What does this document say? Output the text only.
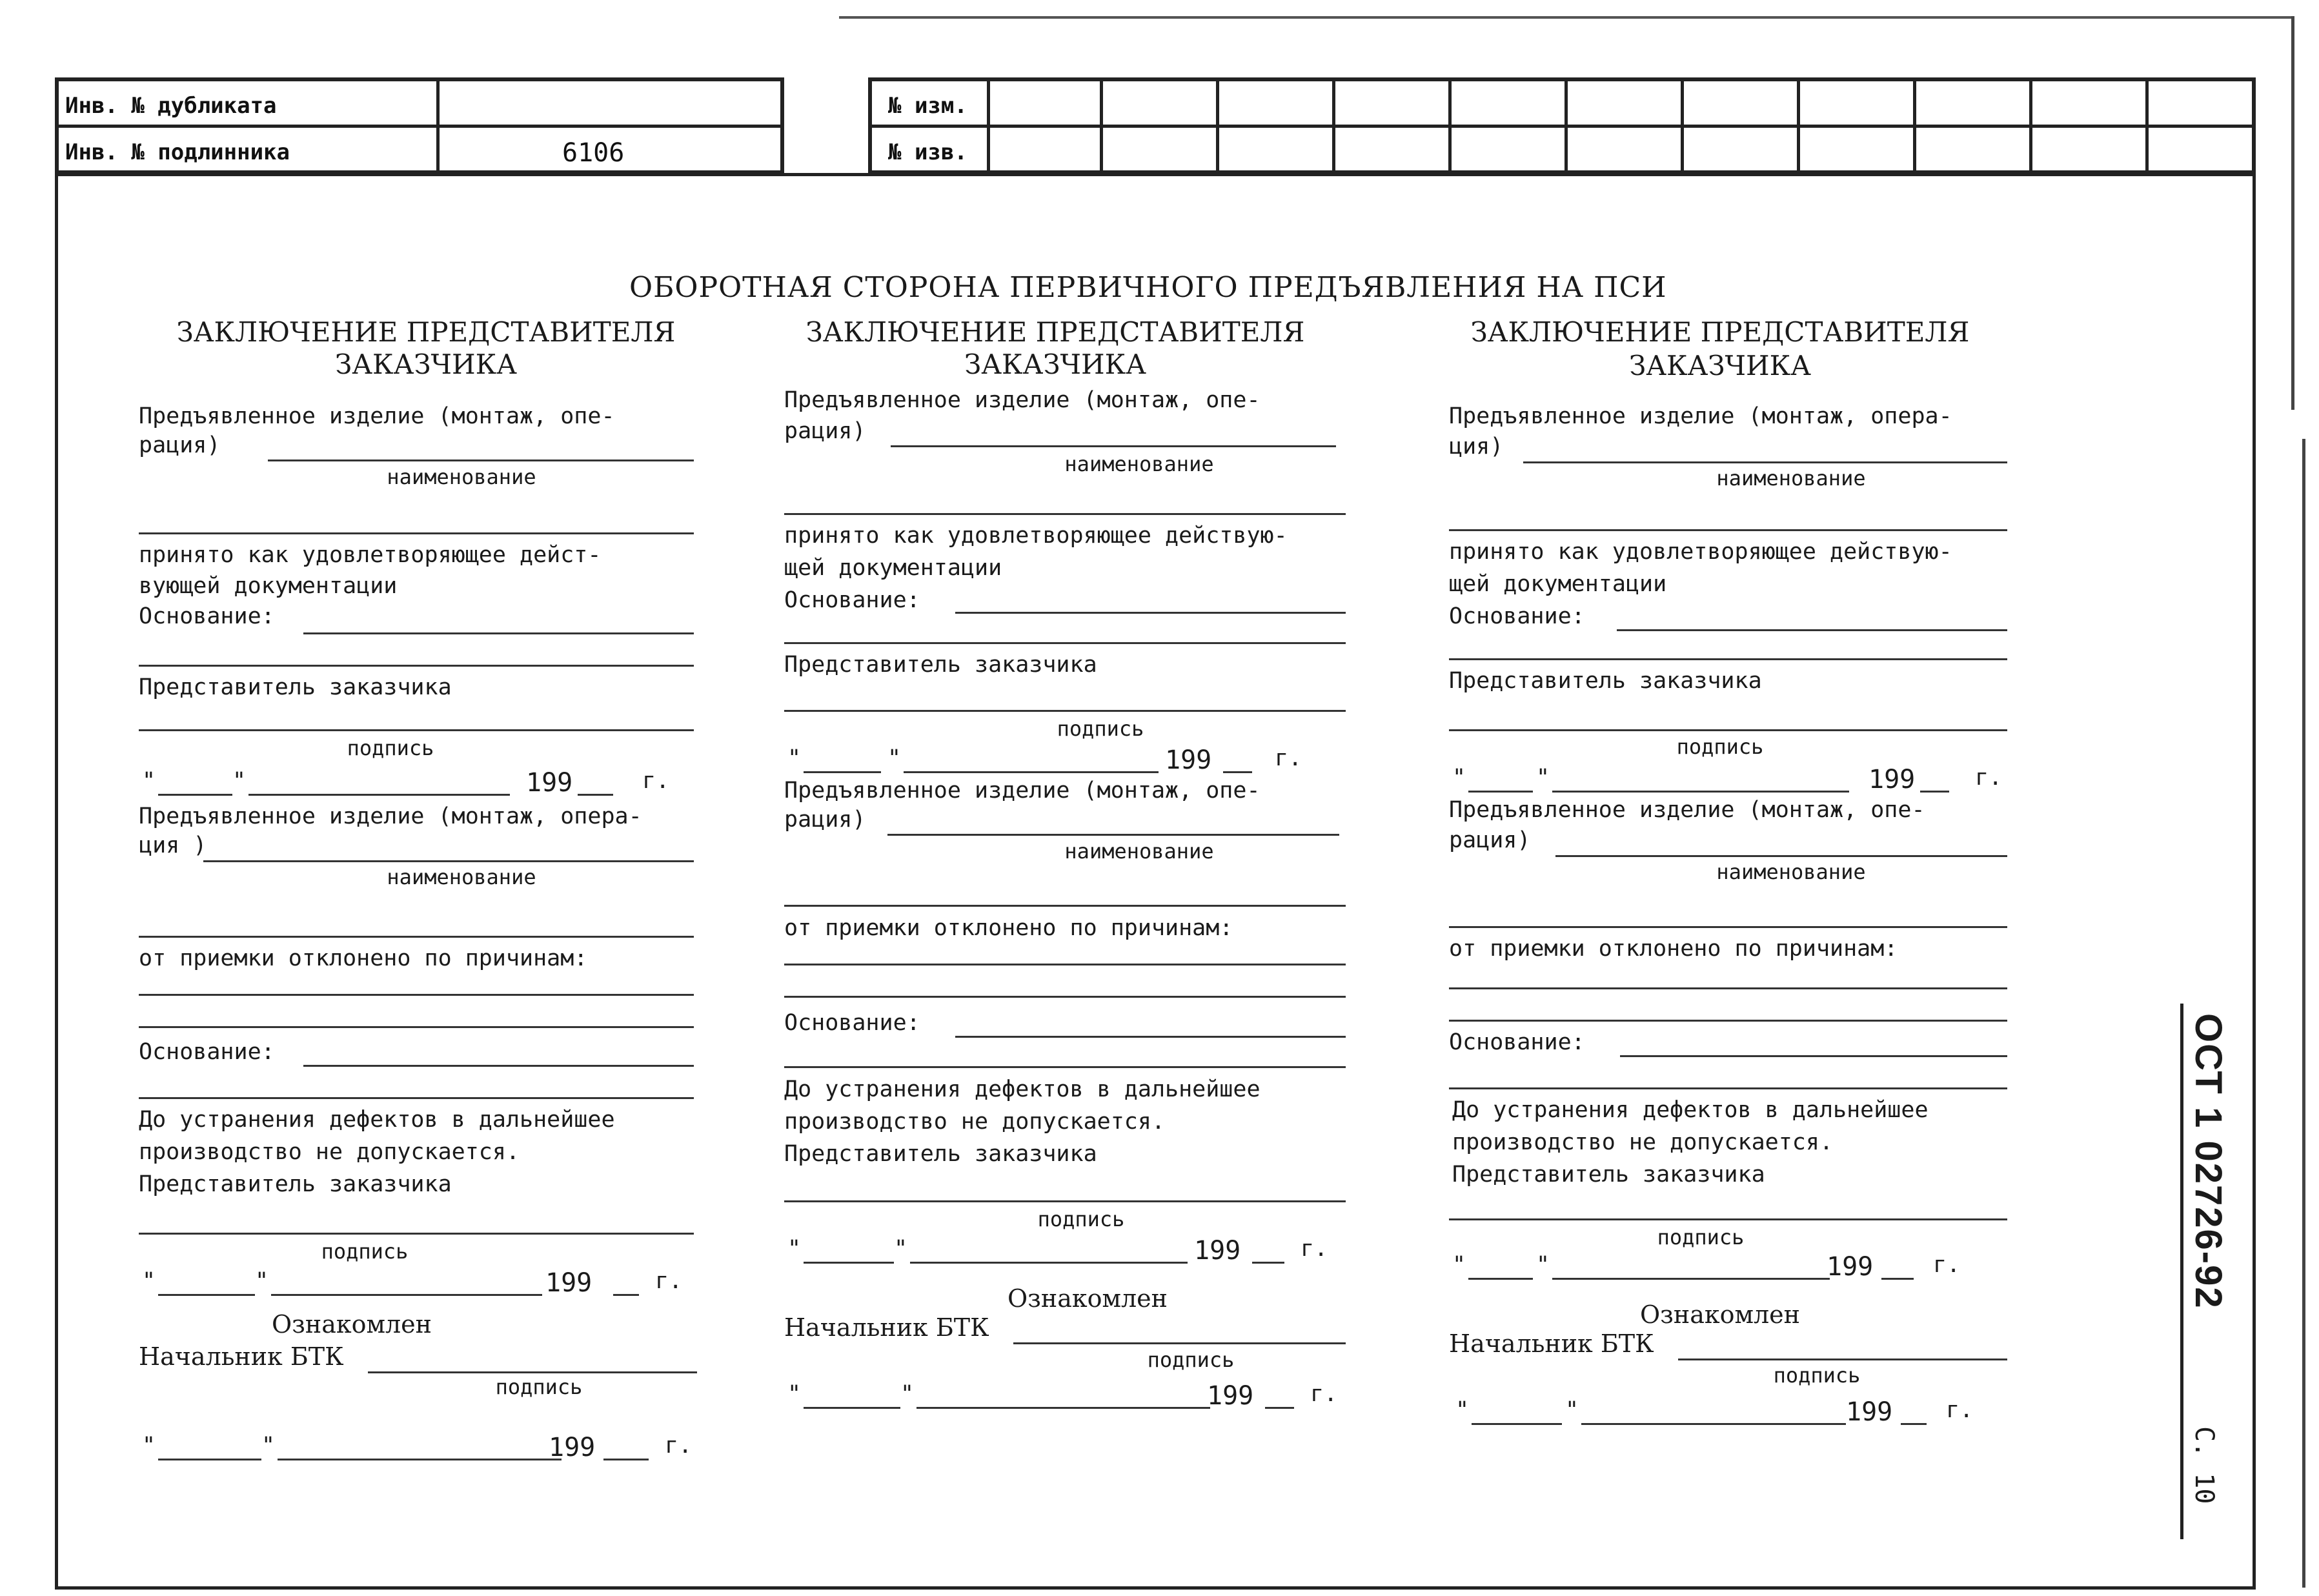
Инв. № дубликата
Инв. № подлинника	6106
№ изм.
№ изв.
ОБОРОТНАЯ СТОРОНА ПЕРВИЧНОГО ПРЕДЪЯВЛЕНИЯ НА ПСИ
ЗАКЛЮЧЕНИЕ ПРЕДСТАВИТЕЛЯ
ЗАКАЗЧИКА
Предъявленное изделие (монтаж, опе-
рация)
наименование
принято как удовлетворяющее дейст-
вующей документации
Основание:
Представитель заказчика
подпись
"	"	199	г.
Предъявленное изделие (монтаж, опера-
ция )
наименование
от приемки отклонено по причинам:
Основание:
До устранения дефектов в дальнейшее
производство не допускается.
Представитель заказчика
подпись
"	"	199	г.
Ознакомлен
Начальник БТК
подпись
"	"	199	г.
ЗАКЛЮЧЕНИЕ ПРЕДСТАВИТЕЛЯ
ЗАКАЗЧИКА
Предъявленное изделие (монтаж, опе-
рация)
наименование
принято как удовлетворяющее действую-
щей документации
Основание:
Представитель заказчика
подпись
"	"	199	г.
Предъявленное изделие (монтаж, опе-
рация)
наименование
от приемки отклонено по причинам:
Основание:
До устранения дефектов в дальнейшее
производство не допускается.
Представитель заказчика
подпись
"	"	199	г.
Ознакомлен
Начальник БТК
подпись
"	"	199	г.
ЗАКЛЮЧЕНИЕ ПРЕДСТАВИТЕЛЯ
ЗАКАЗЧИКА
Предъявленное изделие (монтаж, опера-
ция)
наименование
принято как удовлетворяющее действую-
щей документации
Основание:
Представитель заказчика
подпись
"	"	199	г.
Предъявленное изделие (монтаж, опе-
рация)
наименование
от приемки отклонено по причинам:
Основание:
До устранения дефектов в дальнейшее
производство не допускается.
Представитель заказчика
подпись
"	"	199	г.
Ознакомлен
Начальник БТК
подпись
"	"	199 г.
ОСТ 1 02726-92
С. 10
